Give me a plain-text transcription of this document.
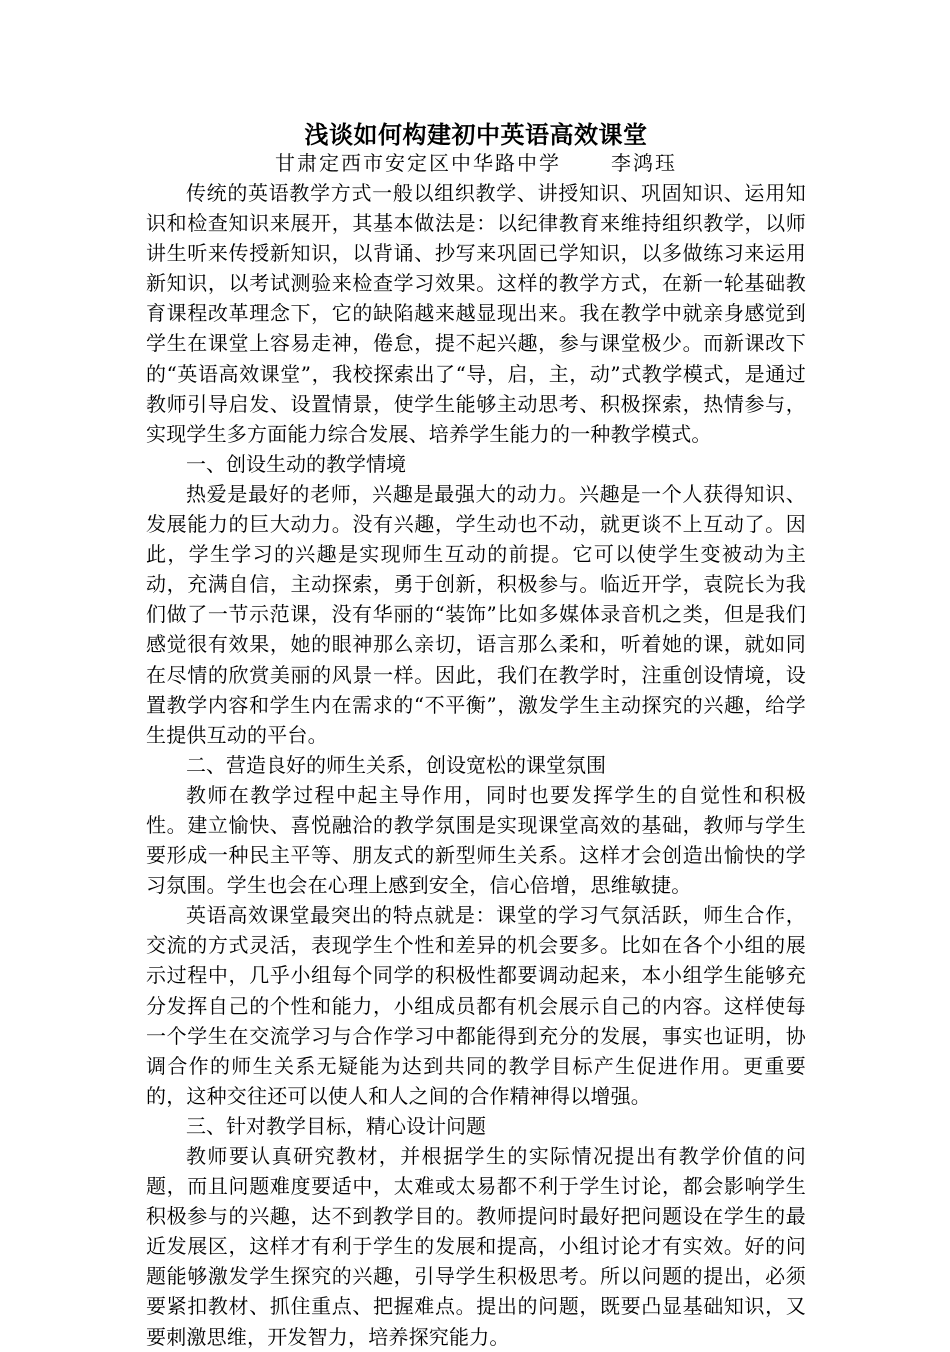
浅谈如何构建初中英语高效课堂

甘肃定西市安定区中华路中学	李鸿珏

传统的英语教学方式一般以组织教学、讲授知识、巩固知识、运用知识和检查知识来展开，其基本做法是：以纪律教育来维持组织教学，以师讲生听来传授新知识，以背诵、抄写来巩固已学知识，以多做练习来运用新知识，以考试测验来检查学习效果。这样的教学方式，在新一轮基础教育课程改革理念下，它的缺陷越来越显现出来。我在教学中就亲身感觉到学生在课堂上容易走神，倦怠，提不起兴趣，参与课堂极少。而新课改下的“英语高效课堂”，我校探索出了“导，启，主，动”式教学模式，是通过教师引导启发、设置情景，使学生能够主动思考、积极探索，热情参与，实现学生多方面能力综合发展、培养学生能力的一种教学模式。

一、创设生动的教学情境

热爱是最好的老师，兴趣是最强大的动力。兴趣是一个人获得知识、发展能力的巨大动力。没有兴趣，学生动也不动，就更谈不上互动了。因此，学生学习的兴趣是实现师生互动的前提。它可以使学生变被动为主动，充满自信，主动探索，勇于创新，积极参与。临近开学，袁院长为我们做了一节示范课，没有华丽的“装饰”比如多媒体录音机之类，但是我们感觉很有效果，她的眼神那么亲切，语言那么柔和，听着她的课，就如同在尽情的欣赏美丽的风景一样。因此，我们在教学时，注重创设情境，设置教学内容和学生内在需求的“不平衡”，激发学生主动探究的兴趣，给学生提供互动的平台。

二、营造良好的师生关系，创设宽松的课堂氛围

教师在教学过程中起主导作用，同时也要发挥学生的自觉性和积极性。建立愉快、喜悦融洽的教学氛围是实现课堂高效的基础，教师与学生要形成一种民主平等、朋友式的新型师生关系。这样才会创造出愉快的学习氛围。学生也会在心理上感到安全，信心倍增，思维敏捷。

英语高效课堂最突出的特点就是：课堂的学习气氛活跃，师生合作，交流的方式灵活，表现学生个性和差异的机会要多。比如在各个小组的展示过程中，几乎小组每个同学的积极性都要调动起来，本小组学生能够充分发挥自己的个性和能力，小组成员都有机会展示自己的内容。这样使每一个学生在交流学习与合作学习中都能得到充分的发展，事实也证明，协调合作的师生关系无疑能为达到共同的教学目标产生促进作用。更重要的，这种交往还可以使人和人之间的合作精神得以增强。

三、针对教学目标，精心设计问题

教师要认真研究教材，并根据学生的实际情况提出有教学价值的问题，而且问题难度要适中，太难或太易都不利于学生讨论，都会影响学生积极参与的兴趣，达不到教学目的。教师提问时最好把问题设在学生的最近发展区，这样才有利于学生的发展和提高，小组讨论才有实效。好的问题能够激发学生探究的兴趣，引导学生积极思考。所以问题的提出，必须要紧扣教材、抓住重点、把握难点。提出的问题，既要凸显基础知识，又要刺激思维，开发智力，培养探究能力。
